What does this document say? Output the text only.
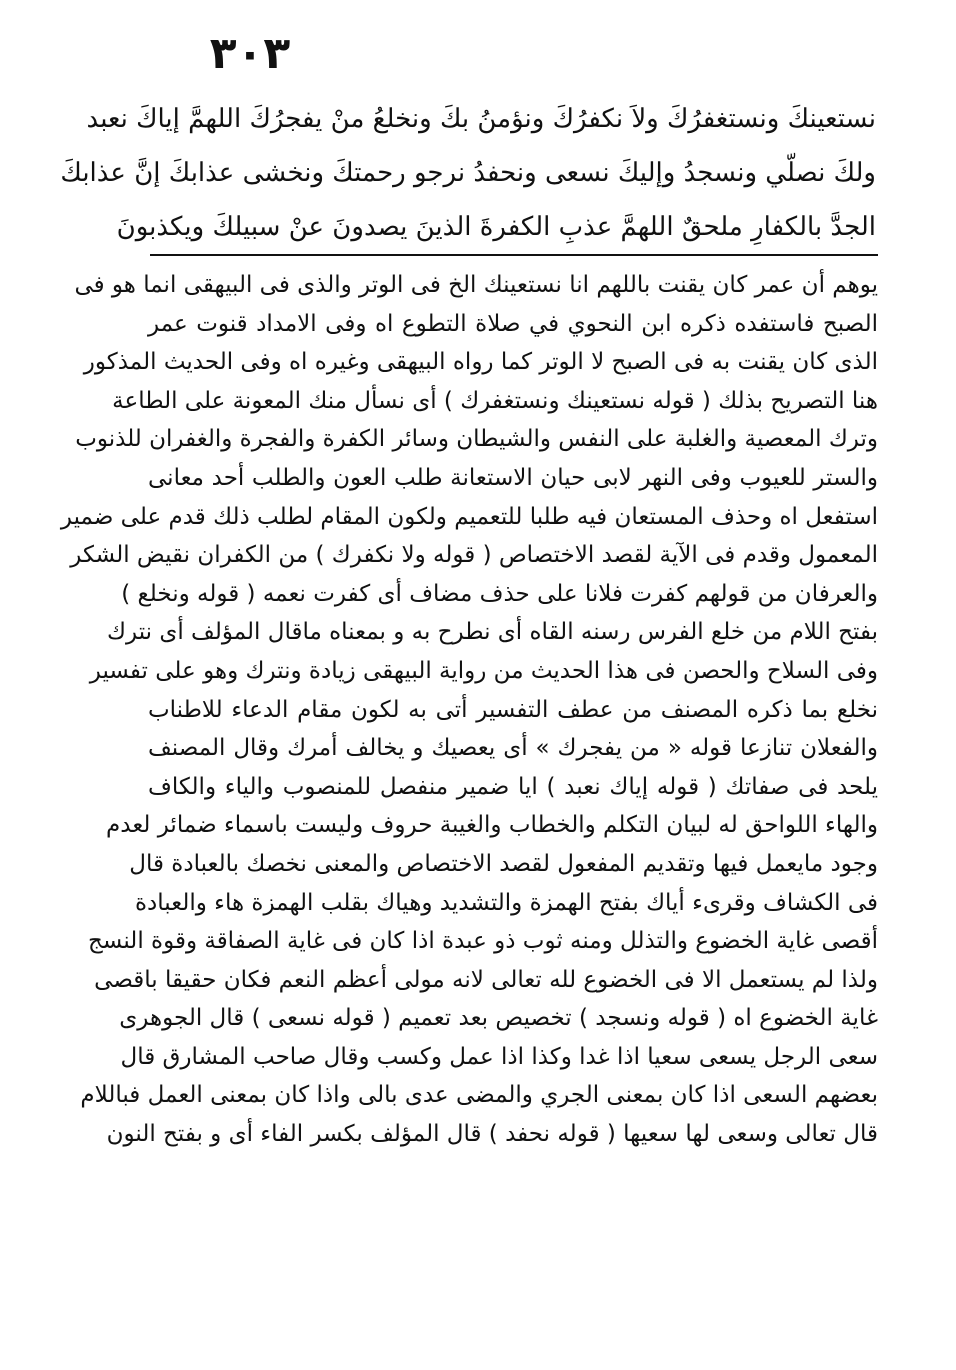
٣٠٣
نستعينكَ ونستغفرُكَ ولاَ نكفرُكَ ونؤمنُ بكَ ونخلعُ منْ يفجرُكَ اللهمَّ إياكَ نعبد
ولكَ نصلّي ونسجدُ وإليكَ نسعى ونحفدُ نرجو رحمتكَ ونخشى عذابكَ إنَّ عذابكَ
الجدَّ بالكفارِ ملحقٌ اللهمَّ عذبِ الكفرةَ الذينَ يصدونَ عنْ سبيلكَ ويكذبونَ
يوهم أن عمر كان يقنت باللهم انا نستعينك الخ فى الوتر والذى فى البيهقى انما هو فى
الصبح فاستفده ذكره ابن النحوي في صلاة التطوع اه وفى الامداد قنوت عمر
الذى كان يقنت به فى الصبح لا الوتر كما رواه البيهقى وغيره اه وفى الحديث المذكور
هنا التصريح بذلك ( قوله نستعينك ونستغفرك ) أى نسأل منك المعونة على الطاعة
وترك المعصية والغلبة على النفس والشيطان وسائر الكفرة والفجرة والغفران للذنوب
والستر للعيوب وفى النهر لابى حيان الاستعانة طلب العون والطلب أحد معانى
استفعل اه وحذف المستعان فيه طلبا للتعميم ولكون المقام لطلب ذلك قدم على ضمير
المعمول وقدم فى الآية لقصد الاختصاص ( قوله ولا نكفرك ) من الكفران نقيض الشكر
والعرفان من قولهم كفرت فلانا على حذف مضاف أى كفرت نعمه ( قوله ونخلع )
بفتح اللام من خلع الفرس رسنه القاه أى نطرح به و بمعناه ماقال المؤلف أى نترك
وفى السلاح والحصن فى هذا الحديث من رواية البيهقى زيادة ونترك وهو على تفسير
نخلع بما ذكره المصنف من عطف التفسير أتى به لكون مقام الدعاء للاطناب
والفعلان تنازعا قوله « من يفجرك » أى يعصيك و يخالف أمرك وقال المصنف
يلحد فى صفاتك ( قوله إياك نعبد ) ايا ضمير منفصل للمنصوب والياء والكاف
والهاء اللواحق له لبيان التكلم والخطاب والغيبة حروف وليست باسماء ضمائر لعدم
وجود مايعمل فيها وتقديم المفعول لقصد الاختصاص والمعنى نخصك بالعبادة قال
فى الكشاف وقرىء أياك بفتح الهمزة والتشديد وهياك بقلب الهمزة هاء والعبادة
أقصى غاية الخضوع والتذلل ومنه ثوب ذو عبدة اذا كان فى غاية الصفاقة وقوة النسج
ولذا لم يستعمل الا فى الخضوع لله تعالى لانه مولى أعظم النعم فكان حقيقا باقصى
غاية الخضوع اه ( قوله ونسجد ) تخصيص بعد تعميم ( قوله نسعى ) قال الجوهرى
سعى الرجل يسعى سعيا اذا غدا وكذا اذا عمل وكسب وقال صاحب المشارق قال
بعضهم السعى اذا كان بمعنى الجري والمضى عدى بالى واذا كان بمعنى العمل فباللام
قال تعالى وسعى لها سعيها ( قوله نحفد ) قال المؤلف بكسر الفاء أى و بفتح النون
